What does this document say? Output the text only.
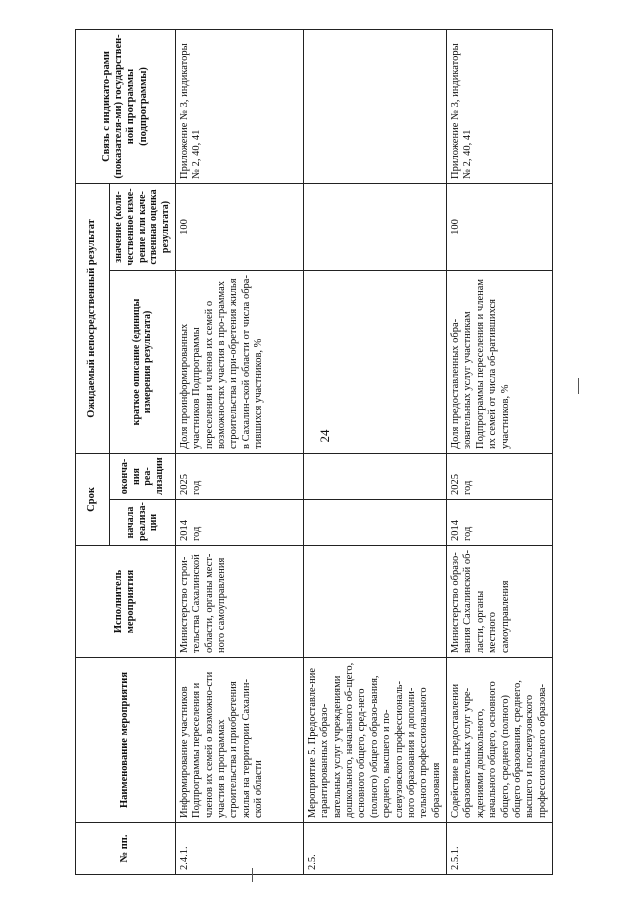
24
№ пп.	Наименование мероприятия	Исполнитель мероприятия	Срок		Ожидаемый непосредственный результат		Связь с индикато-рами (показателя-ми) государствен-ной программы (подпрограммы)
			начала реализа-ции	оконча-ния реа-лизации	краткое описание (единицы измерения результата)	значение (коли-чественное изме-рение или каче-ственная оценка результата)	
2.4.1.	Информирование участников Подпрограммы переселения и членов их семей о возможно-сти участия в программах строительства и приобретения жилья на территории Сахалин-ской области	Министерство строи-тельства Сахалинской области, органы мест-ного самоуправления	2014 год	2025 год	Доля проинформированных участников Подпрограммы переселения и членов их семей о возможностях участия в про-граммах строительства и при-обретения жилья в Сахалин-ской области от числа обра-тившихся участников, %	100	Приложение № 3, индикаторы № 2, 40, 41
2.5.	Мероприятие 5. Предоставле-ние гарантированных образо-вательных услуг учреждениями дошкольного, начального об-щего, основного общего, сред-него (полного) общего образо-вания, среднего, высшего и по-слевузовского профессиональ-ного образования и дополни-тельного профессионального образования						
2.5.1.	Содействие в предоставлении образовательных услуг учре-ждениями дошкольного, начального общего, основного общего, среднего (полного) общего образования, среднего, высшего и послевузовского профессионального образова-	Министерство образо-вания Сахалинской об-ласти, органы местного самоуправления	2014 год	2025 год	Доля предоставленных обра-зовательных услуг участникам Подпрограммы переселения и членам их семей от числа об-ратившихся участников, %	100	Приложение № 3, индикаторы № 2, 40, 41
